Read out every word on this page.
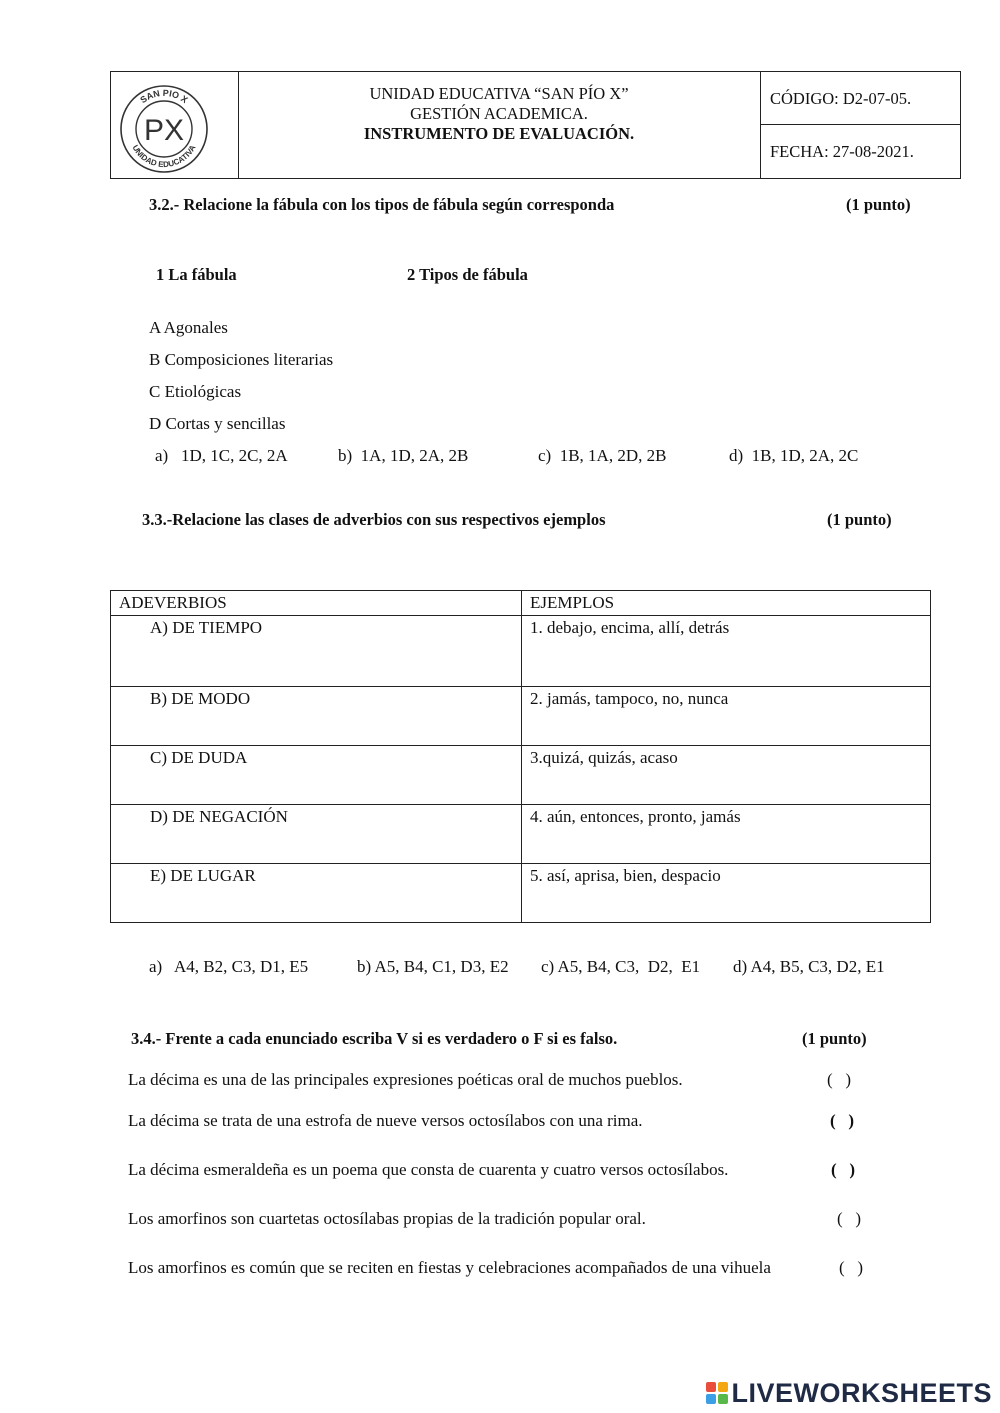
SAN PIO X
UNIDAD EDUCATIVA
PX
UNIDAD EDUCATIVA “SAN PÍO X”
GESTIÓN ACADEMICA.
INSTRUMENTO DE EVALUACIÓN.
CÓDIGO: D2-07-05.
FECHA: 27-08-2021.
3.2.- Relacione la fábula con los tipos de fábula según corresponda	(1 punto)
1 La fábula	2 Tipos de fábula
A Agonales
B Composiciones literarias
C Etiológicas
D Cortas y sencillas
a)   1D, 1C, 2C, 2A	b)  1A, 1D, 2A, 2B	c)  1B, 1A, 2D, 2B	d)  1B, 1D, 2A, 2C
3.3.-Relacione las clases de adverbios con sus respectivos ejemplos	(1 punto)
ADEVERBIOS	EJEMPLOS

A) DE TIEMPO	1. debajo, encima, allí, detrás

B) DE MODO	2. jamás, tampoco, no, nunca

C) DE DUDA	3.quizá, quizás, acaso

D) DE NEGACIÓN	4. aún, entonces, pronto, jamás

E) DE LUGAR	5. así, aprisa, bien, despacio
a)   A4, B2, C3, D1, E5	b) A5, B4, C1, D3, E2 c) A5, B4, C3,  D2,  E1 d) A4, B5, C3, D2, E1
3.4.- Frente a cada enunciado escriba V si es verdadero o F si es falso.	(1 punto)
La décima es una de las principales expresiones poéticas oral de muchos pueblos.	(   )
La décima se trata de una estrofa de nueve versos octosílabos con una rima.	(   )
La décima esmeraldeña es un poema que consta de cuarenta y cuatro versos octosílabos.	(   )
Los amorfinos son cuartetas octosílabas propias de la tradición popular oral.	(   )
Los amorfinos es común que se reciten en fiestas y celebraciones acompañados de una vihuela	(   )
LIVEWORKSHEETS
